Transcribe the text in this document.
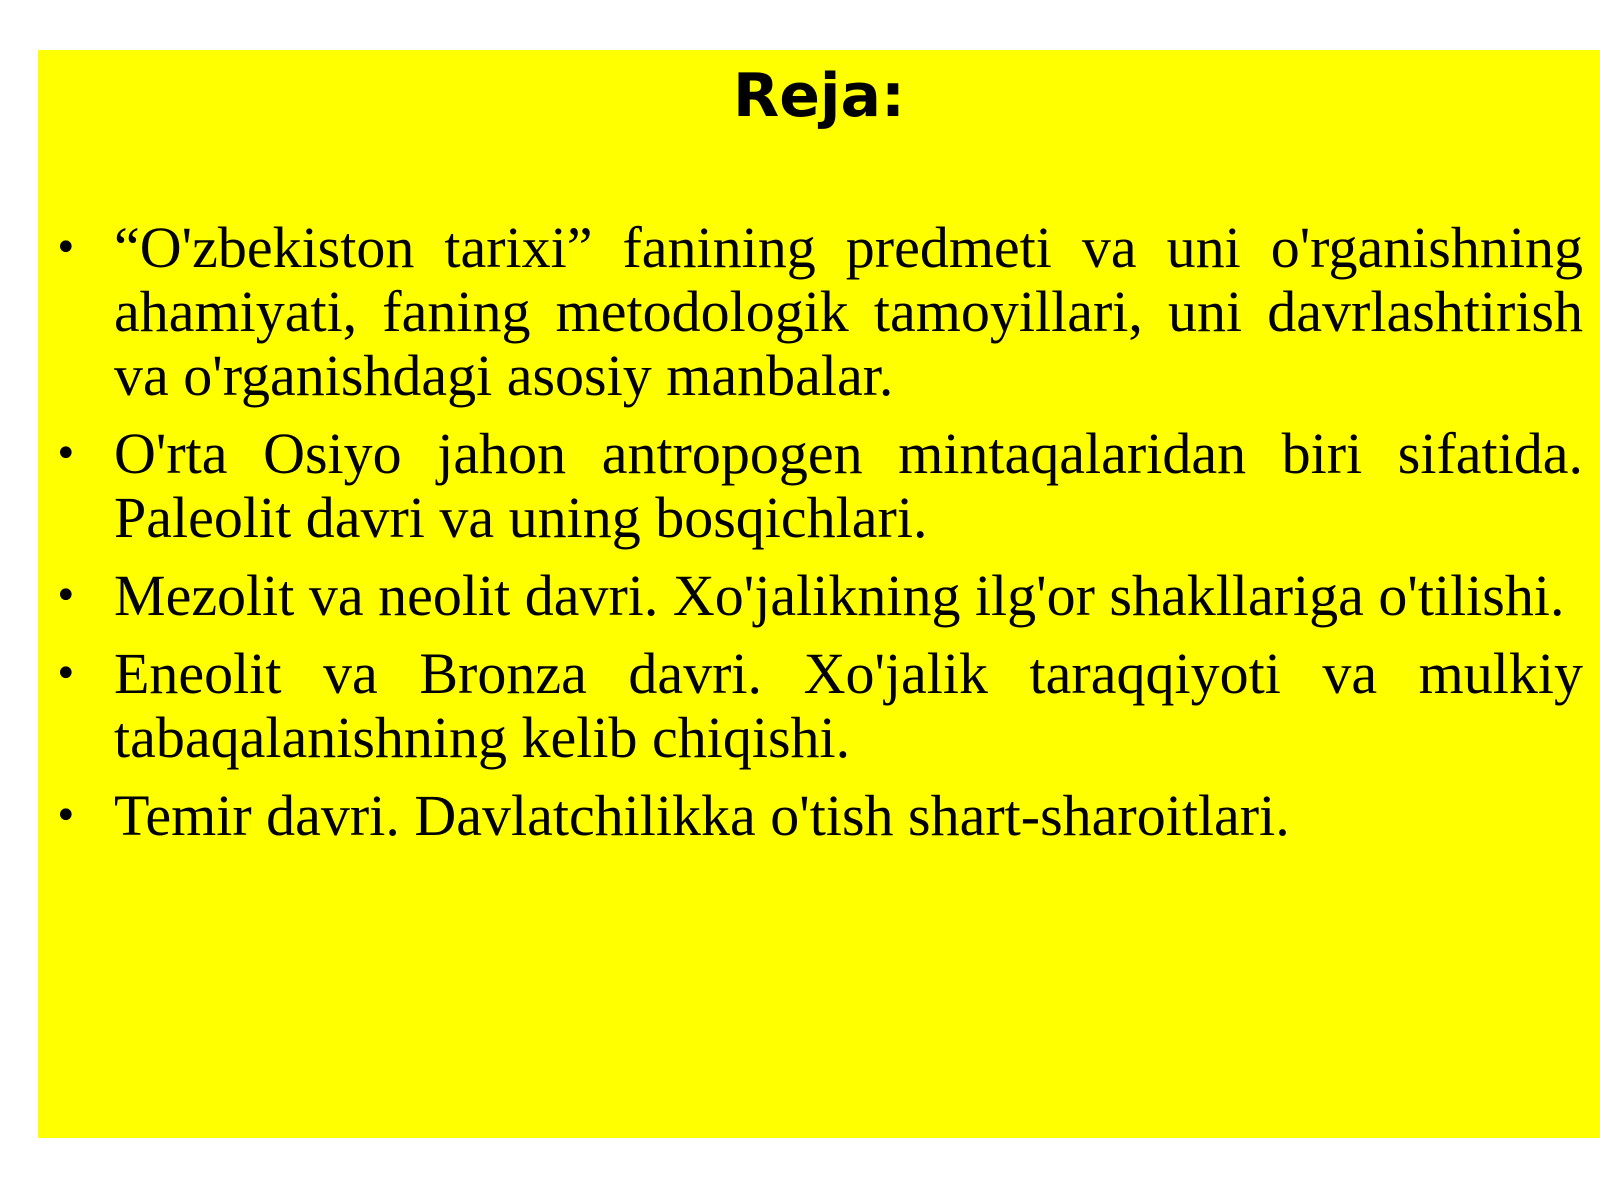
Reja:
• “O'zbekiston tarixi” fanining predmeti va uni o'rganishning ahamiyati, faning metodologik tamoyillari, uni davrlashtirish va o'rganishdagi asosiy manbalar.
• O'rta Osiyo jahon antropogen mintaqalaridan biri sifatida. Paleolit davri va uning bosqichlari.
• Mezolit va neolit davri. Xo'jalikning ilg'or shakllariga o'tilishi.
• Eneolit va Bronza davri. Xo'jalik taraqqiyoti va mulkiy tabaqalanishning kelib chiqishi.
• Temir davri. Davlatchilikka o'tish shart-sharoitlari.
